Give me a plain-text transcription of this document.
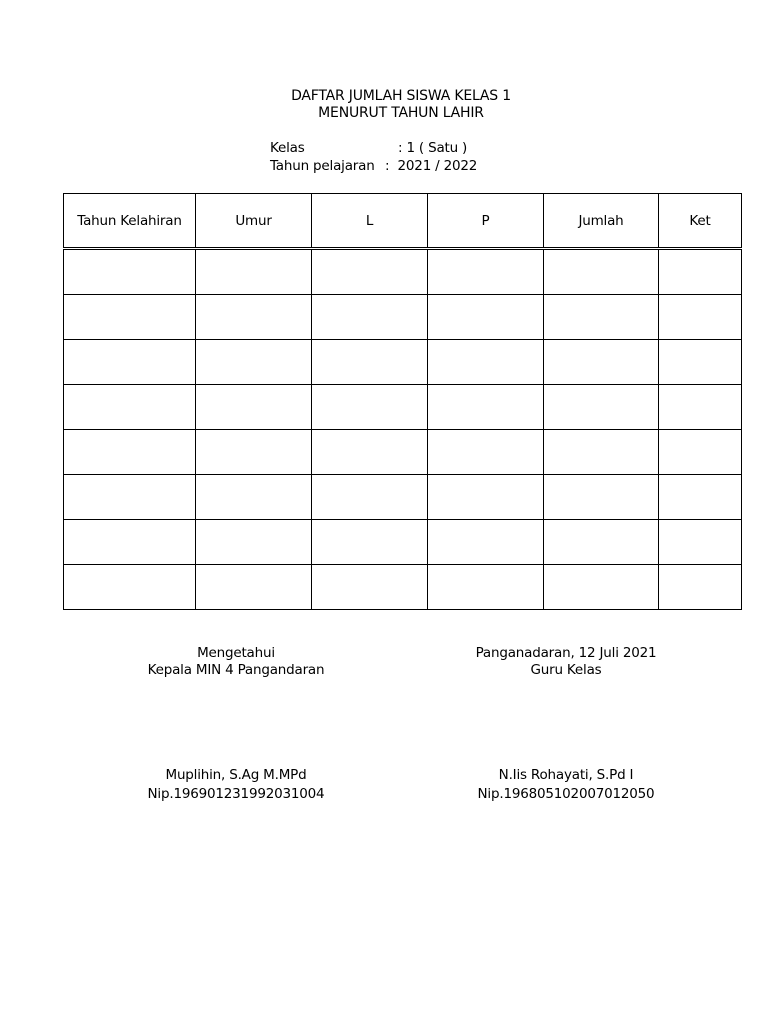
DAFTAR JUMLAH SISWA KELAS 1
MENURUT TAHUN LAHIR
Kelas	: 1 ( Satu )
Tahun pelajaran :  2021 / 2022
Tahun Kelahiran	Umur	L	P	Jumlah	Ket

Mengetahui
Kepala MIN 4 Pangandaran
Muplihin, S.Ag M.MPd
Nip.196901231992031004
Panganadaran, 12 Juli 2021
Guru Kelas
N.Iis Rohayati, S.Pd I
Nip.196805102007012050
